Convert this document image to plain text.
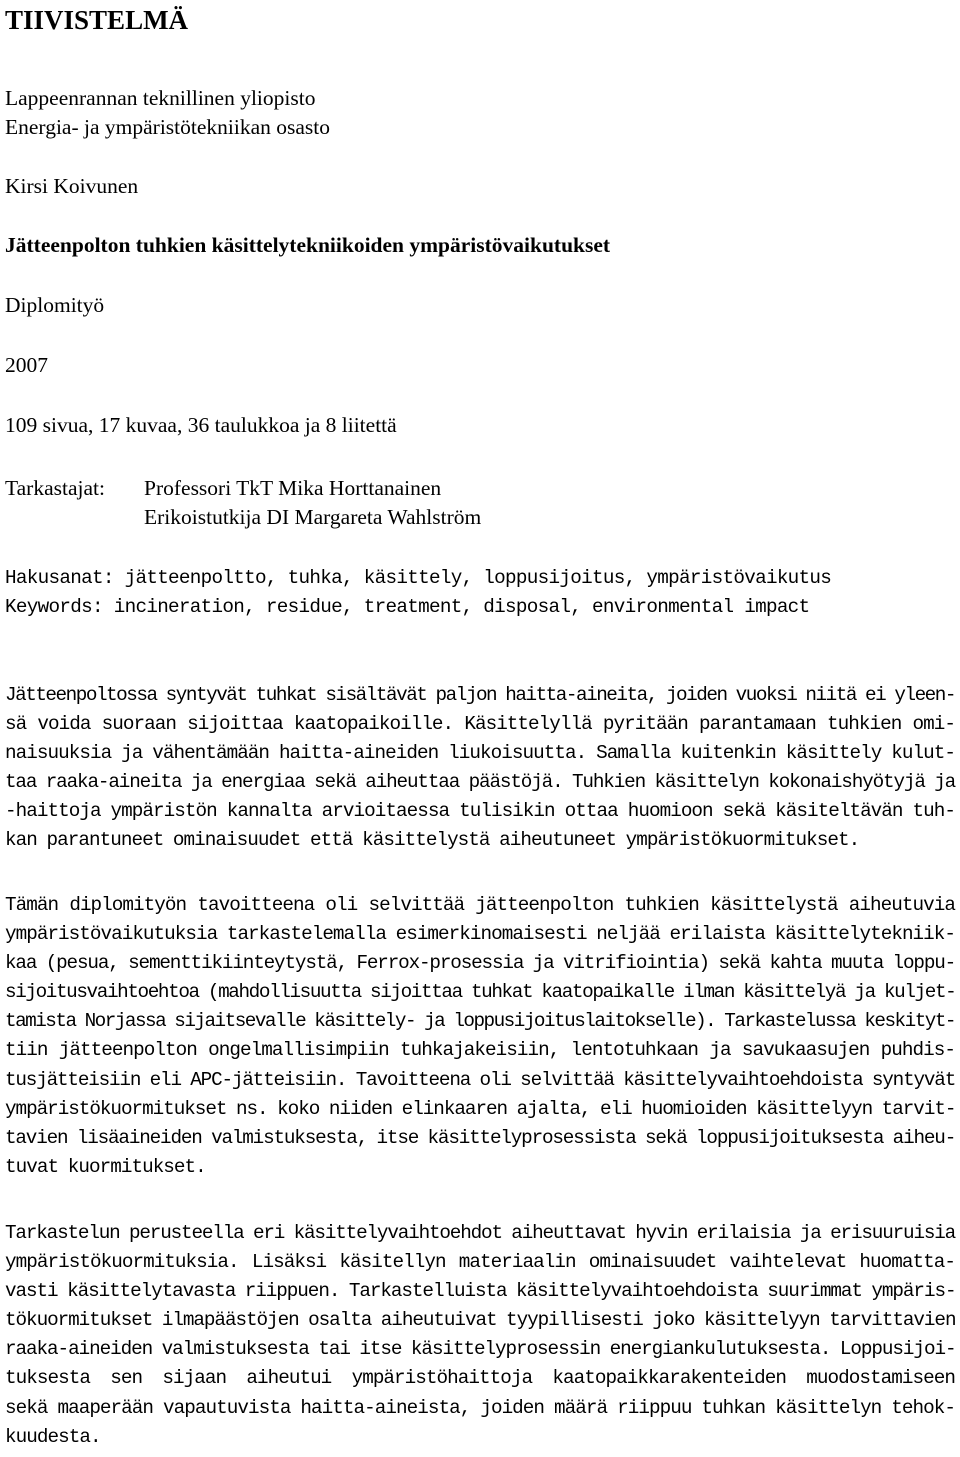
TIIVISTELMÄ
Lappeenrannan teknillinen yliopisto
Energia- ja ympäristötekniikan osasto
Kirsi Koivunen
Jätteenpolton tuhkien käsittelytekniikoiden ympäristövaikutukset
Diplomityö
2007
109 sivua, 17 kuvaa, 36 taulukkoa ja 8 liitettä
Tarkastajat: Professori TkT Mika Horttanainen
Erikoistutkija DI Margareta Wahlström
Hakusanat: jätteenpoltto, tuhka, käsittely, loppusijoitus, ympäristövaikutus
Keywords: incineration, residue, treatment, disposal, environmental impact
Jätteenpoltossa syntyvät tuhkat sisältävät paljon haitta-aineita, joiden vuoksi niitä ei yleen-
sä voida suoraan sijoittaa kaatopaikoille. Käsittelyllä pyritään parantamaan tuhkien omi-
naisuuksia ja vähentämään haitta-aineiden liukoisuutta. Samalla kuitenkin käsittely kulut-
taa raaka-aineita ja energiaa sekä aiheuttaa päästöjä. Tuhkien käsittelyn kokonaishyötyjä ja
-haittoja ympäristön kannalta arvioitaessa tulisikin ottaa huomioon sekä käsiteltävän tuh-
kan parantuneet ominaisuudet että käsittelystä aiheutuneet ympäristökuormitukset.
Tämän diplomityön tavoitteena oli selvittää jätteenpolton tuhkien käsittelystä aiheutuvia
ympäristövaikutuksia tarkastelemalla esimerkinomaisesti neljää erilaista käsittelytekniik-
kaa (pesua, sementtikiinteytystä, Ferrox-prosessia ja vitrifiointia) sekä kahta muuta loppu-
sijoitusvaihtoehtoa (mahdollisuutta sijoittaa tuhkat kaatopaikalle ilman käsittelyä ja kuljet-
tamista Norjassa sijaitsevalle käsittely- ja loppusijoituslaitokselle). Tarkastelussa keskityt-
tiin jätteenpolton ongelmallisimpiin tuhkajakeisiin, lentotuhkaan ja savukaasujen puhdis-
tusjätteisiin eli APC-jätteisiin. Tavoitteena oli selvittää käsittelyvaihtoehdoista syntyvät
ympäristökuormitukset ns. koko niiden elinkaaren ajalta, eli huomioiden käsittelyyn tarvit-
tavien lisäaineiden valmistuksesta, itse käsittelyprosessista sekä loppusijoituksesta aiheu-
tuvat kuormitukset.
Tarkastelun perusteella eri käsittelyvaihtoehdot aiheuttavat hyvin erilaisia ja erisuuruisia
ympäristökuormituksia. Lisäksi käsitellyn materiaalin ominaisuudet vaihtelevat huomatta-
vasti käsittelytavasta riippuen. Tarkastelluista käsittelyvaihtoehdoista suurimmat ympäris-
tökuormitukset ilmapäästöjen osalta aiheutuivat tyypillisesti joko käsittelyyn tarvittavien
raaka-aineiden valmistuksesta tai itse käsittelyprosessin energiankulutuksesta. Loppusijoi-
tuksesta sen sijaan aiheutui ympäristöhaittoja kaatopaikkarakenteiden muodostamiseen
sekä maaperään vapautuvista haitta-aineista, joiden määrä riippuu tuhkan käsittelyn tehok-
kuudesta.
